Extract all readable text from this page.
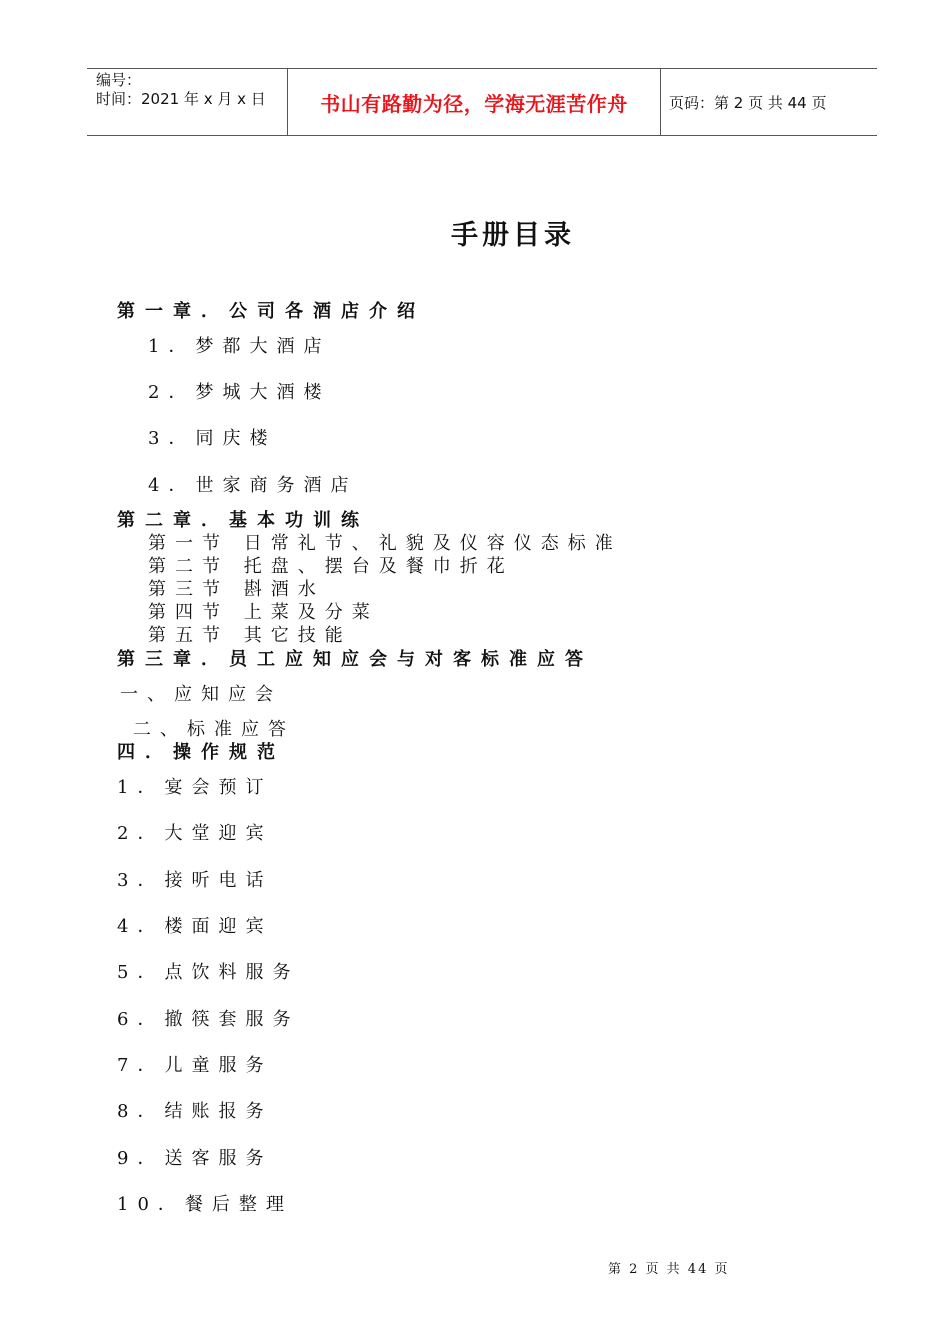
编号：
时间：2021 年 x 月 x 日	书山有路勤为径，学海无涯苦作舟	页码：第 2 页 共 44 页
手册目录
第一章．公司各酒店介绍
1．梦都大酒店
2．梦城大酒楼
3．同庆楼
4．世家商务酒店
第二章．基本功训练
第一节 日常礼节、礼貌及仪容仪态标准
第二节 托盘、摆台及餐巾折花
第三节 斟酒水
第四节 上菜及分菜
第五节 其它技能
第三章．员工应知应会与对客标准应答
一、应知应会
二、标准应答
四．操作规范
1．宴会预订
2．大堂迎宾
3．接听电话
4．楼面迎宾
5．点饮料服务
6．撤筷套服务
7．儿童服务
8．结账报务
9．送客服务
10．餐后整理
第 2 页 共 44 页
